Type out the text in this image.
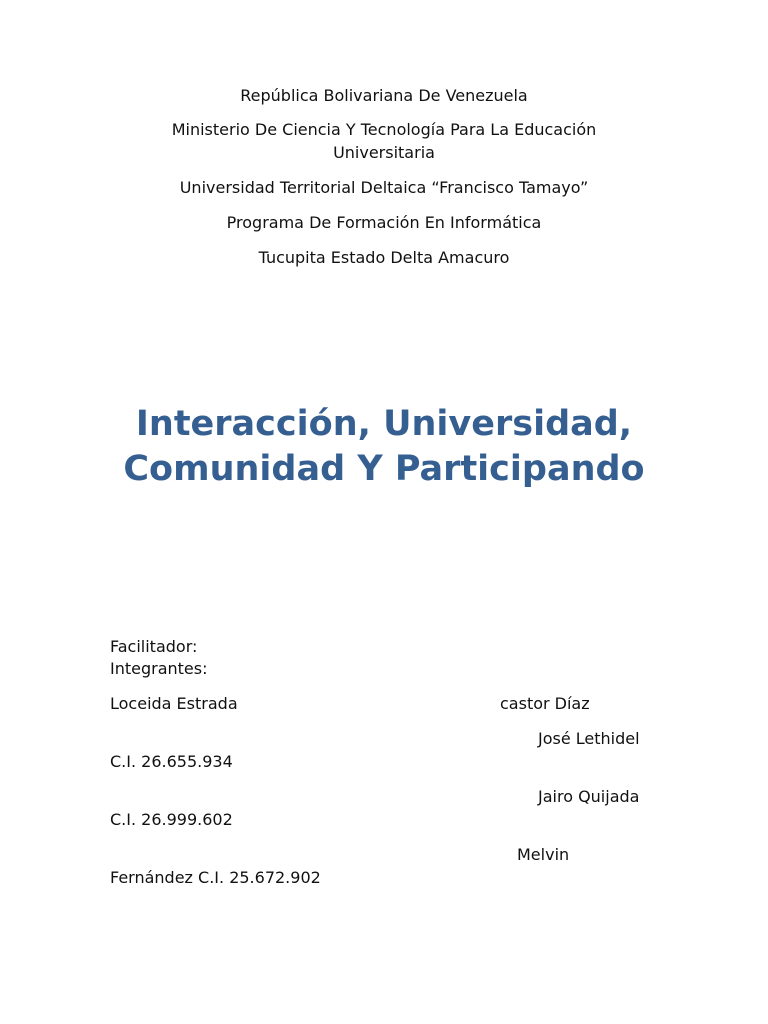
República Bolivariana De Venezuela
Ministerio De Ciencia Y Tecnología Para La Educación
Universitaria
Universidad Territorial Deltaica “Francisco Tamayo”
Programa De Formación En Informática
Tucupita Estado Delta Amacuro
Interacción, Universidad,
Comunidad Y Participando
Facilitador:
Integrantes:
Loceida Estrada	castor Díaz
José Lethidel
C.I. 26.655.934
Jairo Quijada
C.I. 26.999.602
Melvin
Fernández C.I. 25.672.902
